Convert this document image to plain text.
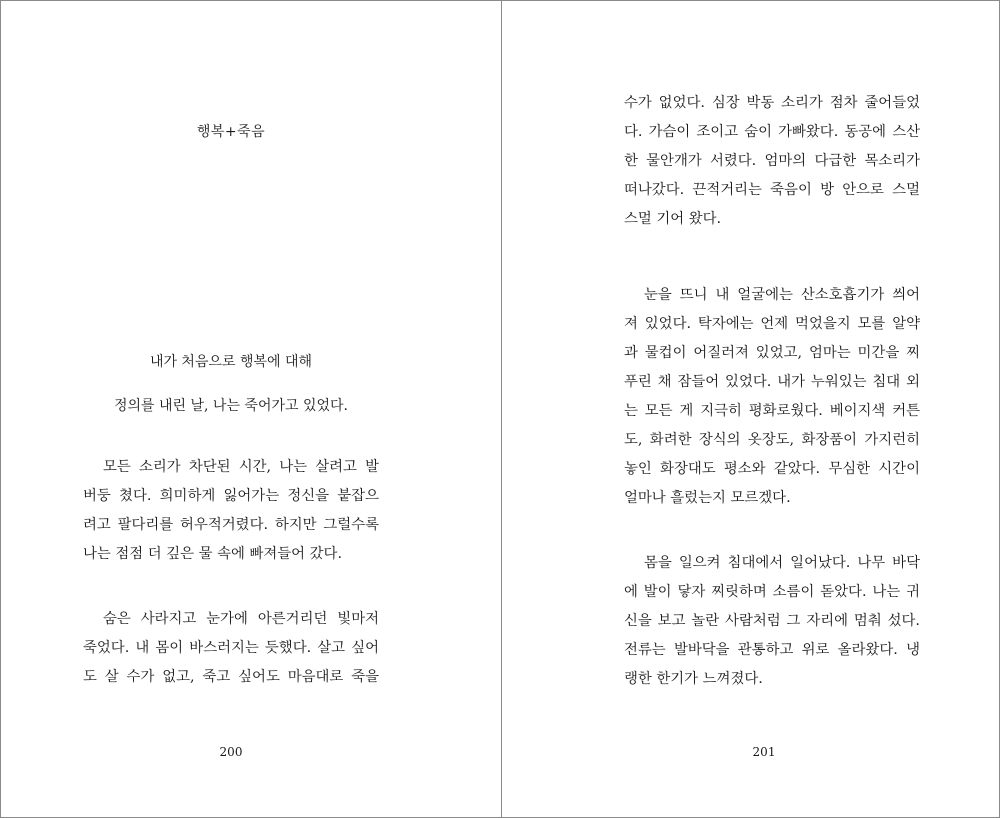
행복+죽음
내가 처음으로 행복에 대해
정의를 내린 날, 나는 죽어가고 있었다.
모든 소리가 차단된 시간, 나는 살려고 발
버둥 쳤다. 희미하게 잃어가는 정신을 붙잡으
려고 팔다리를 허우적거렸다. 하지만 그럴수록
나는 점점 더 깊은 물 속에 빠져들어 갔다.
숨은 사라지고 눈가에 아른거리던 빛마저
죽었다. 내 몸이 바스러지는 듯했다. 살고 싶어
도 살 수가 없고, 죽고 싶어도 마음대로 죽을
200
수가 없었다. 심장 박동 소리가 점차 줄어들었
다. 가슴이 조이고 숨이 가빠왔다. 동공에 스산
한 물안개가 서렸다. 엄마의 다급한 목소리가
떠나갔다. 끈적거리는 죽음이 방 안으로 스멀
스멀 기어 왔다.
눈을 뜨니 내 얼굴에는 산소호흡기가 씌어
져 있었다. 탁자에는 언제 먹었을지 모를 알약
과 물컵이 어질러져 있었고, 엄마는 미간을 찌
푸린 채 잠들어 있었다. 내가 누워있는 침대 외
는 모든 게 지극히 평화로웠다. 베이지색 커튼
도, 화려한 장식의 옷장도, 화장품이 가지런히
놓인 화장대도 평소와 같았다. 무심한 시간이
얼마나 흘렀는지 모르겠다.
몸을 일으켜 침대에서 일어났다. 나무 바닥
에 발이 닿자 찌릿하며 소름이 돋았다. 나는 귀
신을 보고 놀란 사람처럼 그 자리에 멈춰 섰다.
전류는 발바닥을 관통하고 위로 올라왔다. 냉
랭한 한기가 느껴졌다.
201
